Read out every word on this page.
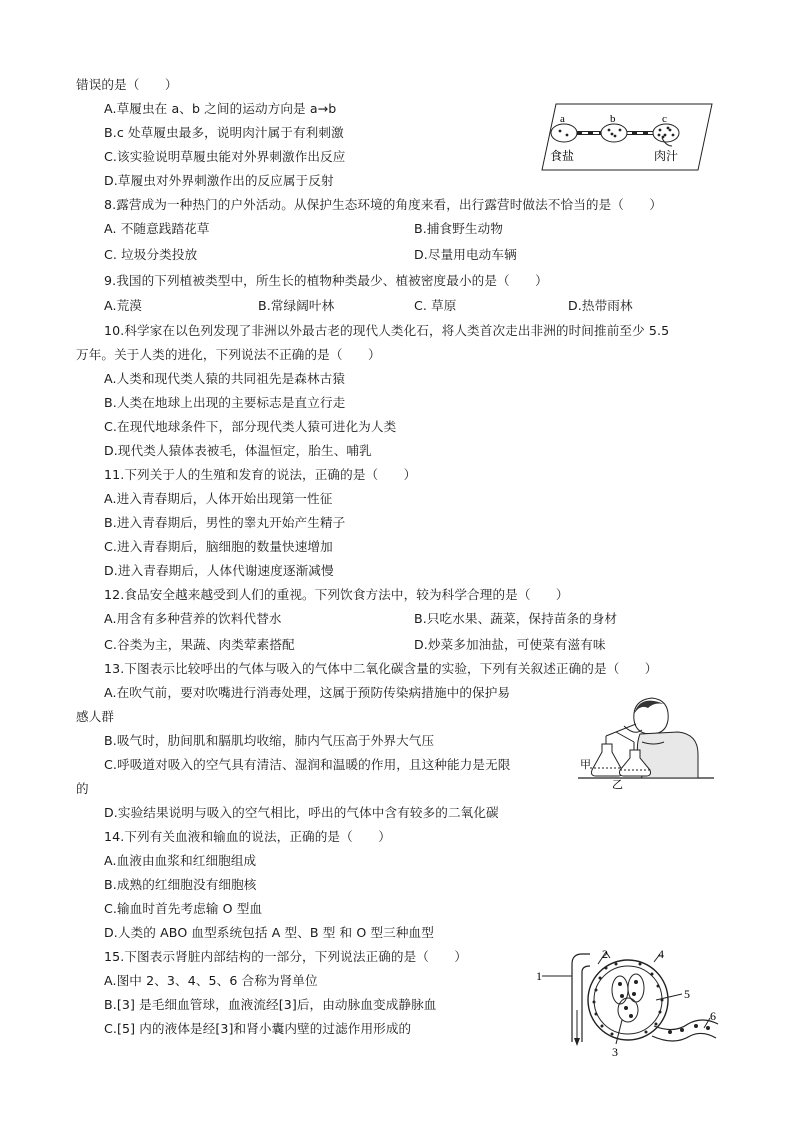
错误的是（　　）
A.草履虫在 a、b 之间的运动方向是 a→b
B.c 处草履虫最多，说明肉汁属于有利刺激
C.该实验说明草履虫能对外界刺激作出反应
D.草履虫对外界刺激作出的反应属于反射
8.露营成为一种热门的户外活动。从保护生态环境的角度来看，出行露营时做法不恰当的是（　　）
A. 不随意践踏花草	B.捕食野生动物
C. 垃圾分类投放	D.尽量用电动车辆
9.我国的下列植被类型中，所生长的植物种类最少、植被密度最小的是（　　）
A.荒漠	B.常绿阔叶林	C. 草原	D.热带雨林
10.科学家在以色列发现了非洲以外最古老的现代人类化石，将人类首次走出非洲的时间推前至少 5.5
万年。关于人类的进化，下列说法不正确的是（　　）
A.人类和现代类人猿的共同祖先是森林古猿
B.人类在地球上出现的主要标志是直立行走
C.在现代地球条件下，部分现代类人猿可进化为人类
D.现代类人猿体表被毛，体温恒定，胎生、哺乳
11.下列关于人的生殖和发育的说法，正确的是（　　）
A.进入青春期后，人体开始出现第一性征
B.进入青春期后，男性的睾丸开始产生精子
C.进入青春期后，脑细胞的数量快速增加
D.进入青春期后，人体代谢速度逐渐减慢
12.食品安全越来越受到人们的重视。下列饮食方法中，较为科学合理的是（　　）
A.用含有多种营养的饮料代替水	B.只吃水果、蔬菜，保持苗条的身材
C.谷类为主，果蔬、肉类荤素搭配	D.炒菜多加油盐，可使菜有滋有味
13.下图表示比较呼出的气体与吸入的气体中二氧化碳含量的实验，下列有关叙述正确的是（　　）
A.在吹气前，要对吹嘴进行消毒处理，这属于预防传染病措施中的保护易
感人群
B.吸气时，肋间肌和膈肌均收缩，肺内气压高于外界大气压
C.呼吸道对吸入的空气具有清洁、湿润和温暖的作用，且这种能力是无限
的
D.实验结果说明与吸入的空气相比，呼出的气体中含有较多的二氧化碳
14.下列有关血液和输血的说法，正确的是（　　）
A.血液由血浆和红细胞组成
B.成熟的红细胞没有细胞核
C.输血时首先考虑输 O 型血
D.人类的 ABO 血型系统包括 A 型、B 型 和 O 型三种血型
15.下图表示肾脏内部结构的一部分，下列说法正确的是（　　）
A.图中 2、3、4、5、6 合称为肾单位
B.[3] 是毛细血管球，血液流经[3]后，由动脉血变成静脉血
C.[5] 内的液体是经[3]和肾小囊内壁的过滤作用形成的
a	b	c
食盐	肉汁
甲
乙
1
2
3
4
5
6
